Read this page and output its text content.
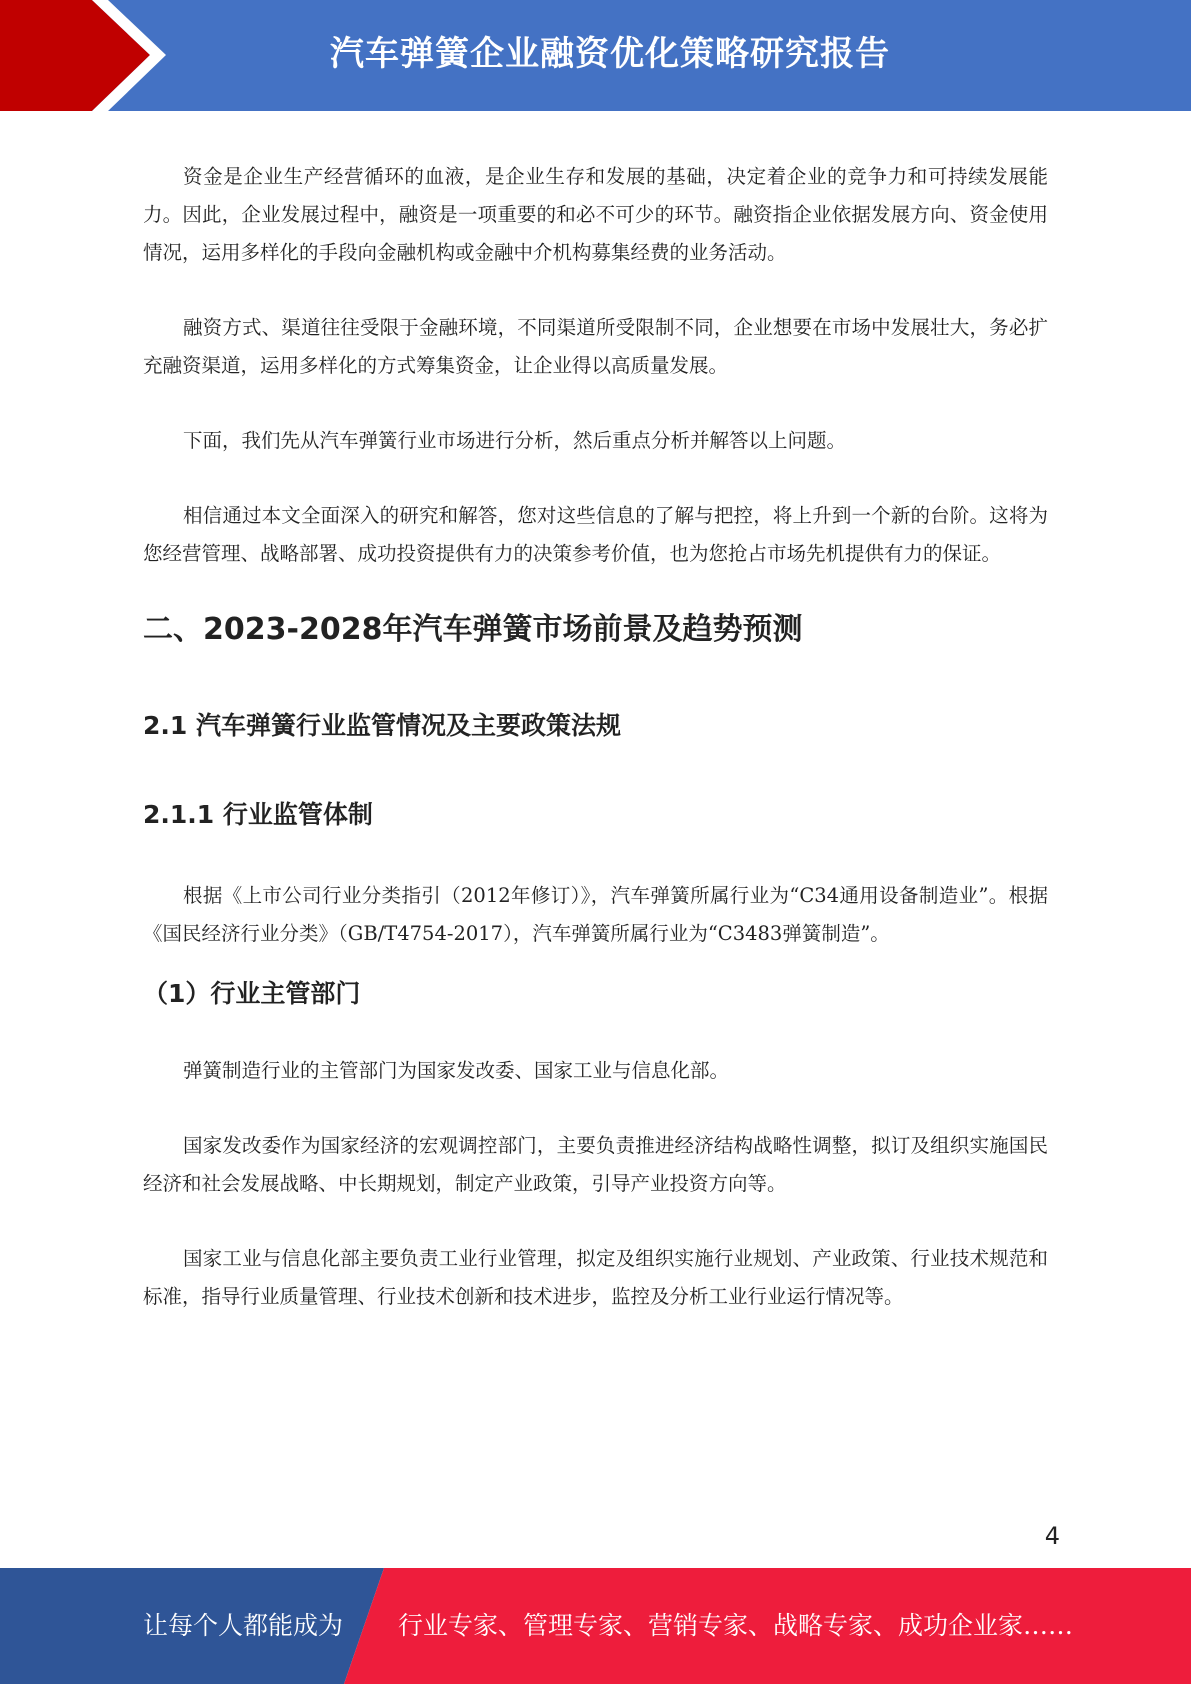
汽车弹簧企业融资优化策略研究报告

资金是企业生产经营循环的血液，是企业生存和发展的基础，决定着企业的竞争力和可持续发展能力。因此，企业发展过程中，融资是一项重要的和必不可少的环节。融资指企业依据发展方向、资金使用情况，运用多样化的手段向金融机构或金融中介机构募集经费的业务活动。

融资方式、渠道往往受限于金融环境，不同渠道所受限制不同，企业想要在市场中发展壮大，务必扩充融资渠道，运用多样化的方式筹集资金，让企业得以高质量发展。

下面，我们先从汽车弹簧行业市场进行分析，然后重点分析并解答以上问题。

相信通过本文全面深入的研究和解答，您对这些信息的了解与把控，将上升到一个新的台阶。这将为您经营管理、战略部署、成功投资提供有力的决策参考价值，也为您抢占市场先机提供有力的保证。

二、2023-2028年汽车弹簧市场前景及趋势预测
2.1 汽车弹簧行业监管情况及主要政策法规
2.1.1 行业监管体制

根据《上市公司行业分类指引（2012年修订）》，汽车弹簧所属行业为“C34通用设备制造业”。根据《国民经济行业分类》（GB/T4754-2017），汽车弹簧所属行业为“C3483弹簧制造”。

（1）行业主管部门

弹簧制造行业的主管部门为国家发改委、国家工业与信息化部。

国家发改委作为国家经济的宏观调控部门，主要负责推进经济结构战略性调整，拟订及组织实施国民经济和社会发展战略、中长期规划，制定产业政策，引导产业投资方向等。

国家工业与信息化部主要负责工业行业管理，拟定及组织实施行业规划、产业政策、行业技术规范和标准，指导行业质量管理、行业技术创新和技术进步，监控及分析工业行业运行情况等。

4
让每个人都能成为 行业专家、管理专家、营销专家、战略专家、成功企业家……
